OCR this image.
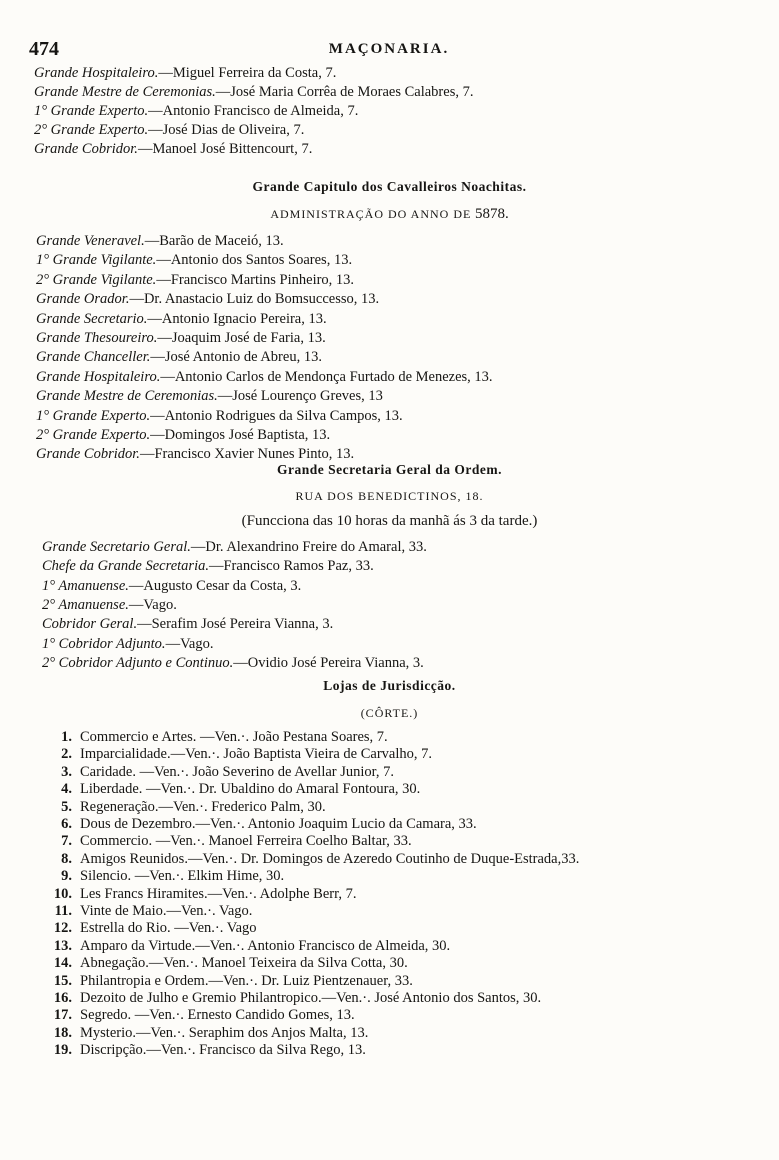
474	MAÇONARIA.
Grande Hospitaleiro.—Miguel Ferreira da Costa, 7.
Grande Mestre de Ceremonias.—José Maria Corrêa de Moraes Calabres, 7.
1° Grande Experto.—Antonio Francisco de Almeida, 7.
2° Grande Experto.—José Dias de Oliveira, 7.
Grande Cobridor.—Manoel José Bittencourt, 7.
Grande Capitulo dos Cavalleiros Noachitas.
ADMINISTRAÇÃO DO ANNO DE 5878.
Grande Veneravel.—Barão de Maceió, 13.
1° Grande Vigilante.—Antonio dos Santos Soares, 13.
2° Grande Vigilante.—Francisco Martins Pinheiro, 13.
Grande Orador.—Dr. Anastacio Luiz do Bomsuccesso, 13.
Grande Secretario.—Antonio Ignacio Pereira, 13.
Grande Thesoureiro.—Joaquim José de Faria, 13.
Grande Chanceller.—José Antonio de Abreu, 13.
Grande Hospitaleiro.—Antonio Carlos de Mendonça Furtado de Menezes, 13.
Grande Mestre de Ceremonias.—José Lourenço Greves, 13
1° Grande Experto.—Antonio Rodrigues da Silva Campos, 13.
2° Grande Experto.—Domingos José Baptista, 13.
Grande Cobridor.—Francisco Xavier Nunes Pinto, 13.
Grande Secretaria Geral da Ordem.
RUA DOS BENEDICTINOS, 18.
(Funcciona das 10 horas da manhã ás 3 da tarde.)
Grande Secretario Geral.—Dr. Alexandrino Freire do Amaral, 33.
Chefe da Grande Secretaria.—Francisco Ramos Paz, 33.
1° Amanuense.—Augusto Cesar da Costa, 3.
2° Amanuense.—Vago.
Cobridor Geral.—Serafim José Pereira Vianna, 3.
1° Cobridor Adjunto.—Vago.
2° Cobridor Adjunto e Continuo.—Ovidio José Pereira Vianna, 3.
Lojas de Jurisdicção.
(CÔRTE.)
1. Commercio e Artes. —Ven.·. João Pestana Soares, 7.
2. Imparcialidade.—Ven.·. João Baptista Vieira de Carvalho, 7.
3. Caridade. —Ven.·. João Severino de Avellar Junior, 7.
4. Liberdade. —Ven.·. Dr. Ubaldino do Amaral Fontoura, 30.
5. Regeneração.—Ven.·. Frederico Palm, 30.
6. Dous de Dezembro.—Ven.·. Antonio Joaquim Lucio da Camara, 33.
7. Commercio. —Ven.·. Manoel Ferreira Coelho Baltar, 33.
8. Amigos Reunidos.—Ven.·. Dr. Domingos de Azeredo Coutinho de Duque-Estrada,33.
9. Silencio. —Ven.·. Elkim Hime, 30.
10. Les Francs Hiramites.—Ven.·. Adolphe Berr, 7.
11. Vinte de Maio.—Ven.·. Vago.
12. Estrella do Rio. —Ven.·. Vago
13. Amparo da Virtude.—Ven.·. Antonio Francisco de Almeida, 30.
14. Abnegação.—Ven.·. Manoel Teixeira da Silva Cotta, 30.
15. Philantropia e Ordem.—Ven.·. Dr. Luiz Pientzenauer, 33.
16. Dezoito de Julho e Gremio Philantropico.—Ven.·. José Antonio dos Santos, 30.
17. Segredo. —Ven.·. Ernesto Candido Gomes, 13.
18. Mysterio.—Ven.·. Seraphim dos Anjos Malta, 13.
19. Discripção.—Ven.·. Francisco da Silva Rego, 13.
